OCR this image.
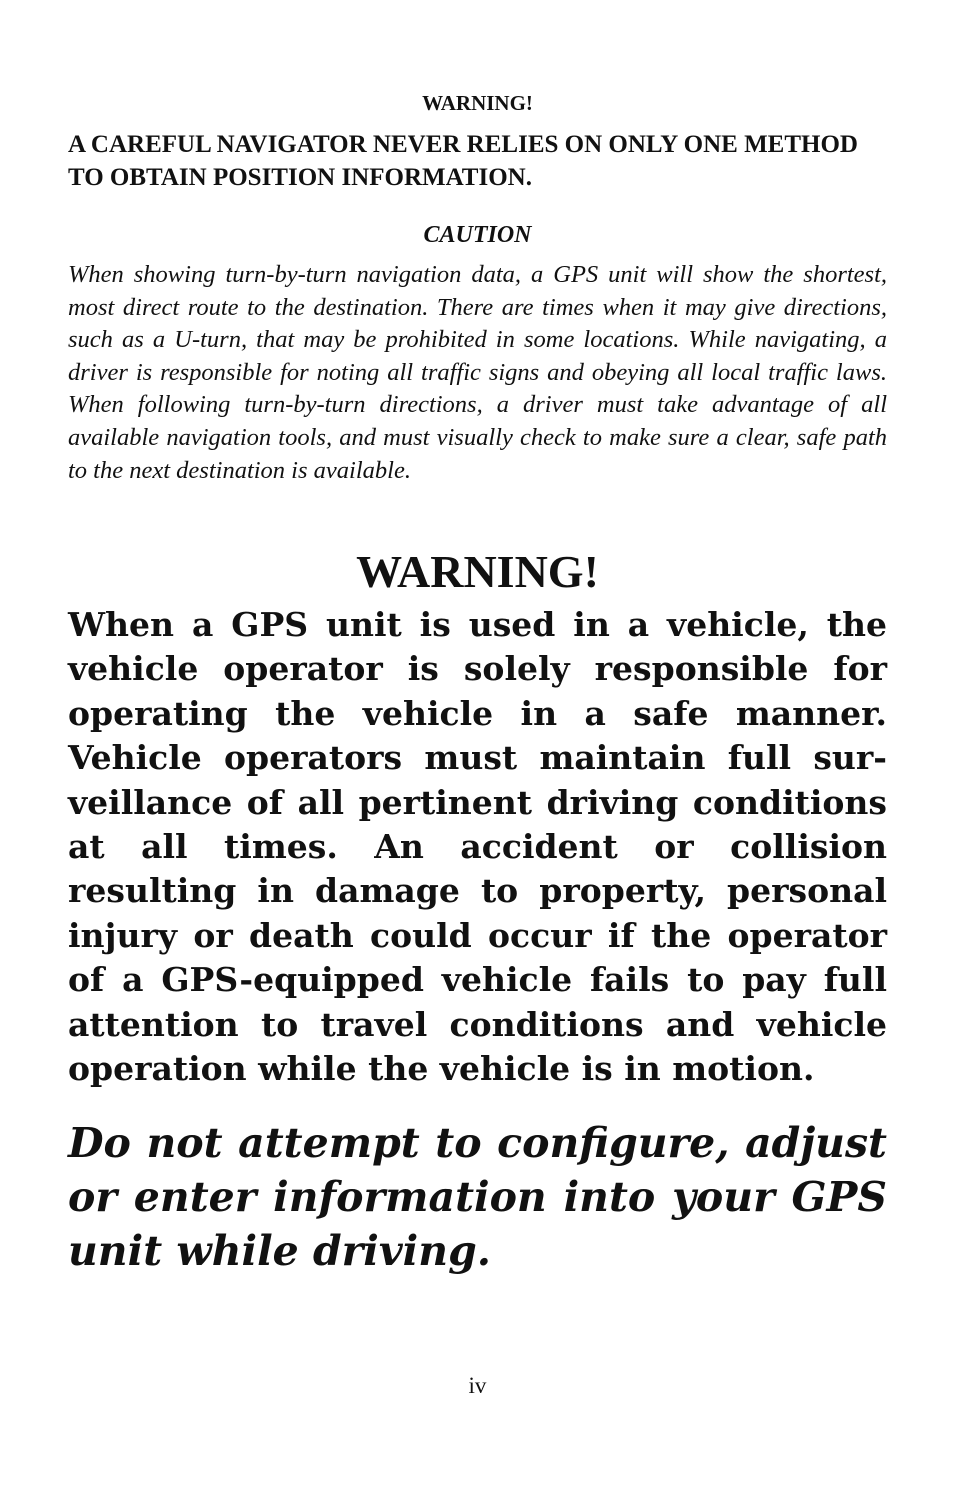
WARNING!

A CAREFUL NAVIGATOR NEVER RELIES ON ONLY ONE METHOD TO OBTAIN POSITION INFORMATION.

CAUTION

When showing turn-by-turn navigation data, a GPS unit will show the shortest, most direct route to the destination. There are times when it may give directions, such as a U-turn, that may be prohibited in some locations. While navigating, a driver is responsible for noting all traffic signs and obeying all local traffic laws. When following turn-by-turn directions, a driver must take advantage of all available navigation tools, and must visually check to make sure a clear, safe path to the next destination is available.

WARNING!

When a GPS unit is used in a vehicle, the vehicle operator is solely responsible for operating the vehicle in a safe manner. Vehicle operators must maintain full surveillance of all pertinent driving conditions at all times. An accident or collision resulting in damage to property, personal injury or death could occur if the operator of a GPS-equipped vehicle fails to pay full attention to travel conditions and vehicle operation while the vehicle is in motion.

Do not attempt to configure, adjust or enter information into your GPS unit while driving.

iv
